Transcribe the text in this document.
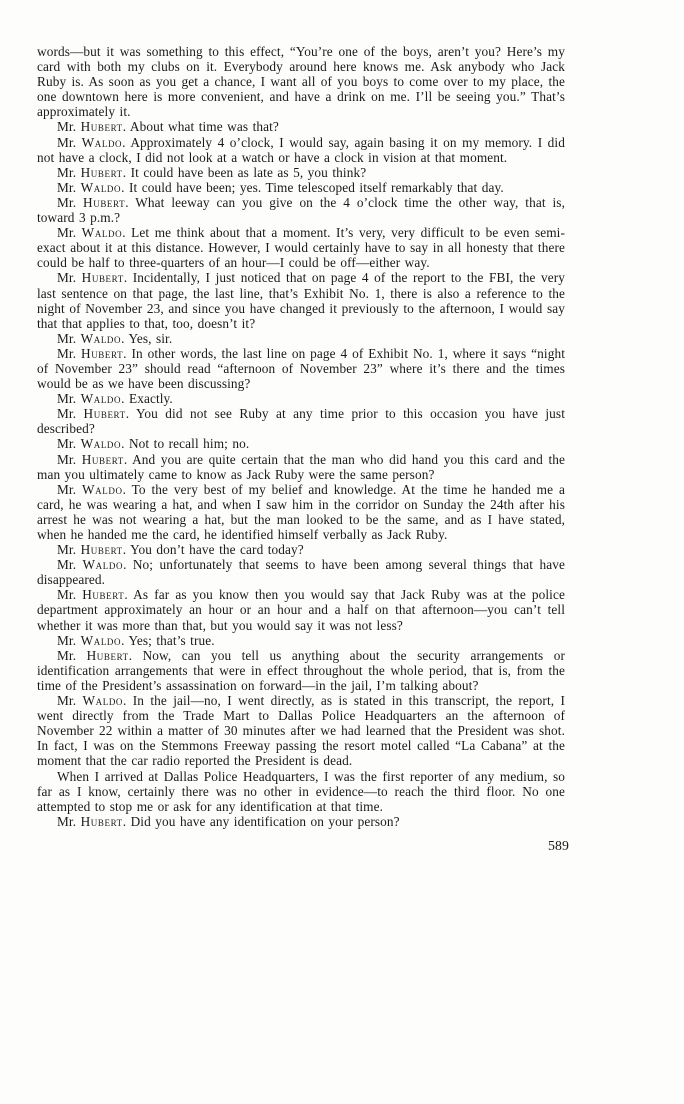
words—but it was something to this effect, “You’re one of the boys, aren’t you? Here’s my card with both my clubs on it. Everybody around here knows me. Ask anybody who Jack Ruby is. As soon as you get a chance, I want all of you boys to come over to my place, the one downtown here is more convenient, and have a drink on me. I’ll be seeing you.” That’s approximately it.

Mr. Hubert. About what time was that?

Mr. Waldo. Approximately 4 o’clock, I would say, again basing it on my memory. I did not have a clock, I did not look at a watch or have a clock in vision at that moment.

Mr. Hubert. It could have been as late as 5, you think?

Mr. Waldo. It could have been; yes. Time telescoped itself remarkably that day.

Mr. Hubert. What leeway can you give on the 4 o’clock time the other way, that is, toward 3 p.m.?

Mr. Waldo. Let me think about that a moment. It’s very, very difficult to be even semi-exact about it at this distance. However, I would certainly have to say in all honesty that there could be half to three-quarters of an hour—I could be off—either way.

Mr. Hubert. Incidentally, I just noticed that on page 4 of the report to the FBI, the very last sentence on that page, the last line, that’s Exhibit No. 1, there is also a reference to the night of November 23, and since you have changed it previously to the afternoon, I would say that that applies to that, too, doesn’t it?

Mr. Waldo. Yes, sir.

Mr. Hubert. In other words, the last line on page 4 of Exhibit No. 1, where it says “night of November 23” should read “afternoon of November 23” where it’s there and the times would be as we have been discussing?

Mr. Waldo. Exactly.

Mr. Hubert. You did not see Ruby at any time prior to this occasion you have just described?

Mr. Waldo. Not to recall him; no.

Mr. Hubert. And you are quite certain that the man who did hand you this card and the man you ultimately came to know as Jack Ruby were the same person?

Mr. Waldo. To the very best of my belief and knowledge. At the time he handed me a card, he was wearing a hat, and when I saw him in the corridor on Sunday the 24th after his arrest he was not wearing a hat, but the man looked to be the same, and as I have stated, when he handed me the card, he identified himself verbally as Jack Ruby.

Mr. Hubert. You don’t have the card today?

Mr. Waldo. No; unfortunately that seems to have been among several things that have disappeared.

Mr. Hubert. As far as you know then you would say that Jack Ruby was at the police department approximately an hour or an hour and a half on that afternoon—you can’t tell whether it was more than that, but you would say it was not less?

Mr. Waldo. Yes; that’s true.

Mr. Hubert. Now, can you tell us anything about the security arrangements or identification arrangements that were in effect throughout the whole period, that is, from the time of the President’s assassination on forward—in the jail, I’m talking about?

Mr. Waldo. In the jail—no, I went directly, as is stated in this transcript, the report, I went directly from the Trade Mart to Dallas Police Headquarters an the afternoon of November 22 within a matter of 30 minutes after we had learned that the President was shot. In fact, I was on the Stemmons Freeway passing the resort motel called “La Cabana” at the moment that the car radio reported the President is dead.

When I arrived at Dallas Police Headquarters, I was the first reporter of any medium, so far as I know, certainly there was no other in evidence—to reach the third floor. No one attempted to stop me or ask for any identification at that time.

Mr. Hubert. Did you have any identification on your person?

589
